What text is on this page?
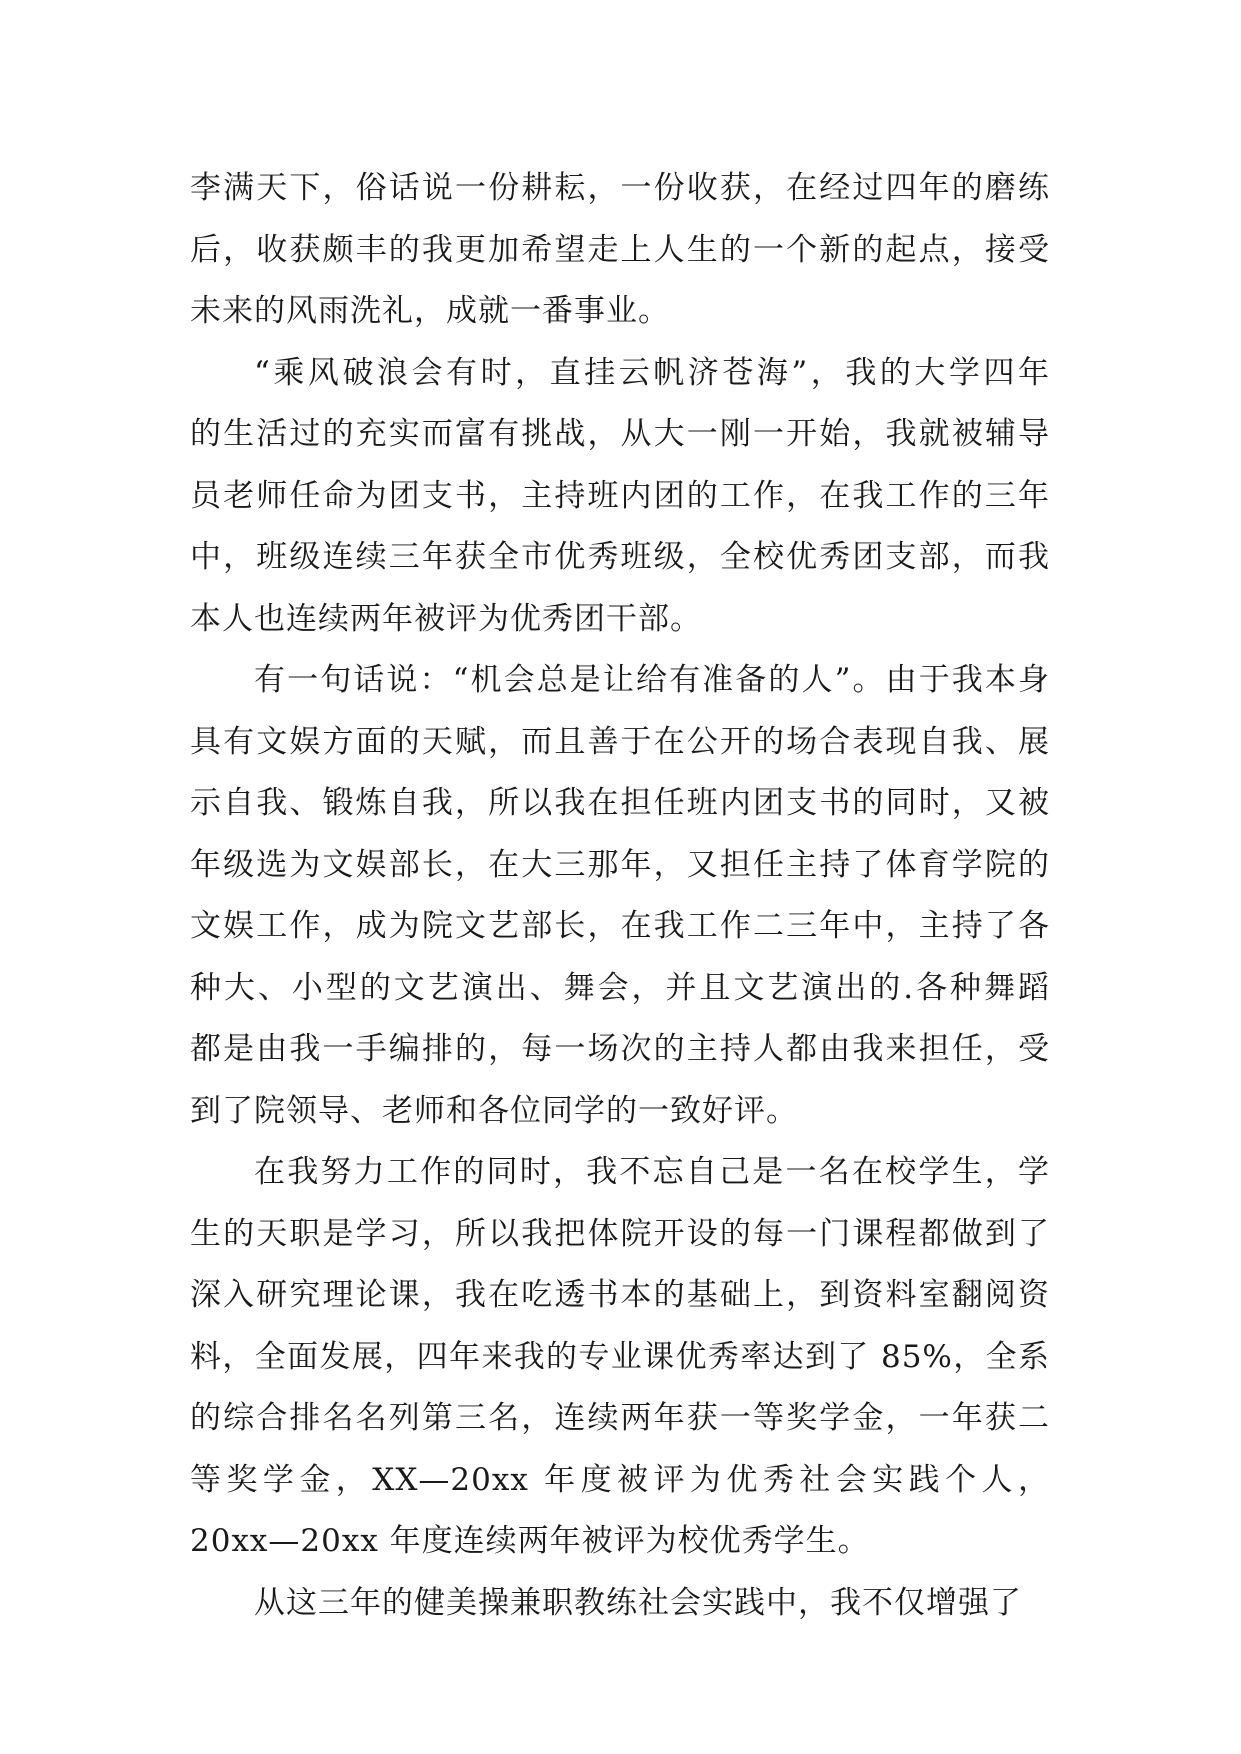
李满天下，俗话说一份耕耘，一份收获，在经过四年的磨练
后，收获颇丰的我更加希望走上人生的一个新的起点，接受
未来的风雨洗礼，成就一番事业。
“乘风破浪会有时，直挂云帆济苍海”，我的大学四年
的生活过的充实而富有挑战，从大一刚一开始，我就被辅导
员老师任命为团支书，主持班内团的工作，在我工作的三年
中，班级连续三年获全市优秀班级，全校优秀团支部，而我
本人也连续两年被评为优秀团干部。
有一句话说：“机会总是让给有准备的人”。由于我本身
具有文娱方面的天赋，而且善于在公开的场合表现自我、展
示自我、锻炼自我，所以我在担任班内团支书的同时，又被
年级选为文娱部长，在大三那年，又担任主持了体育学院的
文娱工作，成为院文艺部长，在我工作二三年中，主持了各
种大、小型的文艺演出、舞会，并且文艺演出的.各种舞蹈
都是由我一手编排的，每一场次的主持人都由我来担任，受
到了院领导、老师和各位同学的一致好评。
在我努力工作的同时，我不忘自己是一名在校学生，学
生的天职是学习，所以我把体院开设的每一门课程都做到了
深入研究理论课，我在吃透书本的基础上，到资料室翻阅资
料，全面发展，四年来我的专业课优秀率达到了 85%，全系
的综合排名名列第三名，连续两年获一等奖学金，一年获二
等奖学金，XX—20xx 年度被评为优秀社会实践个人，
20xx—20xx 年度连续两年被评为校优秀学生。
从这三年的健美操兼职教练社会实践中，我不仅增强了
